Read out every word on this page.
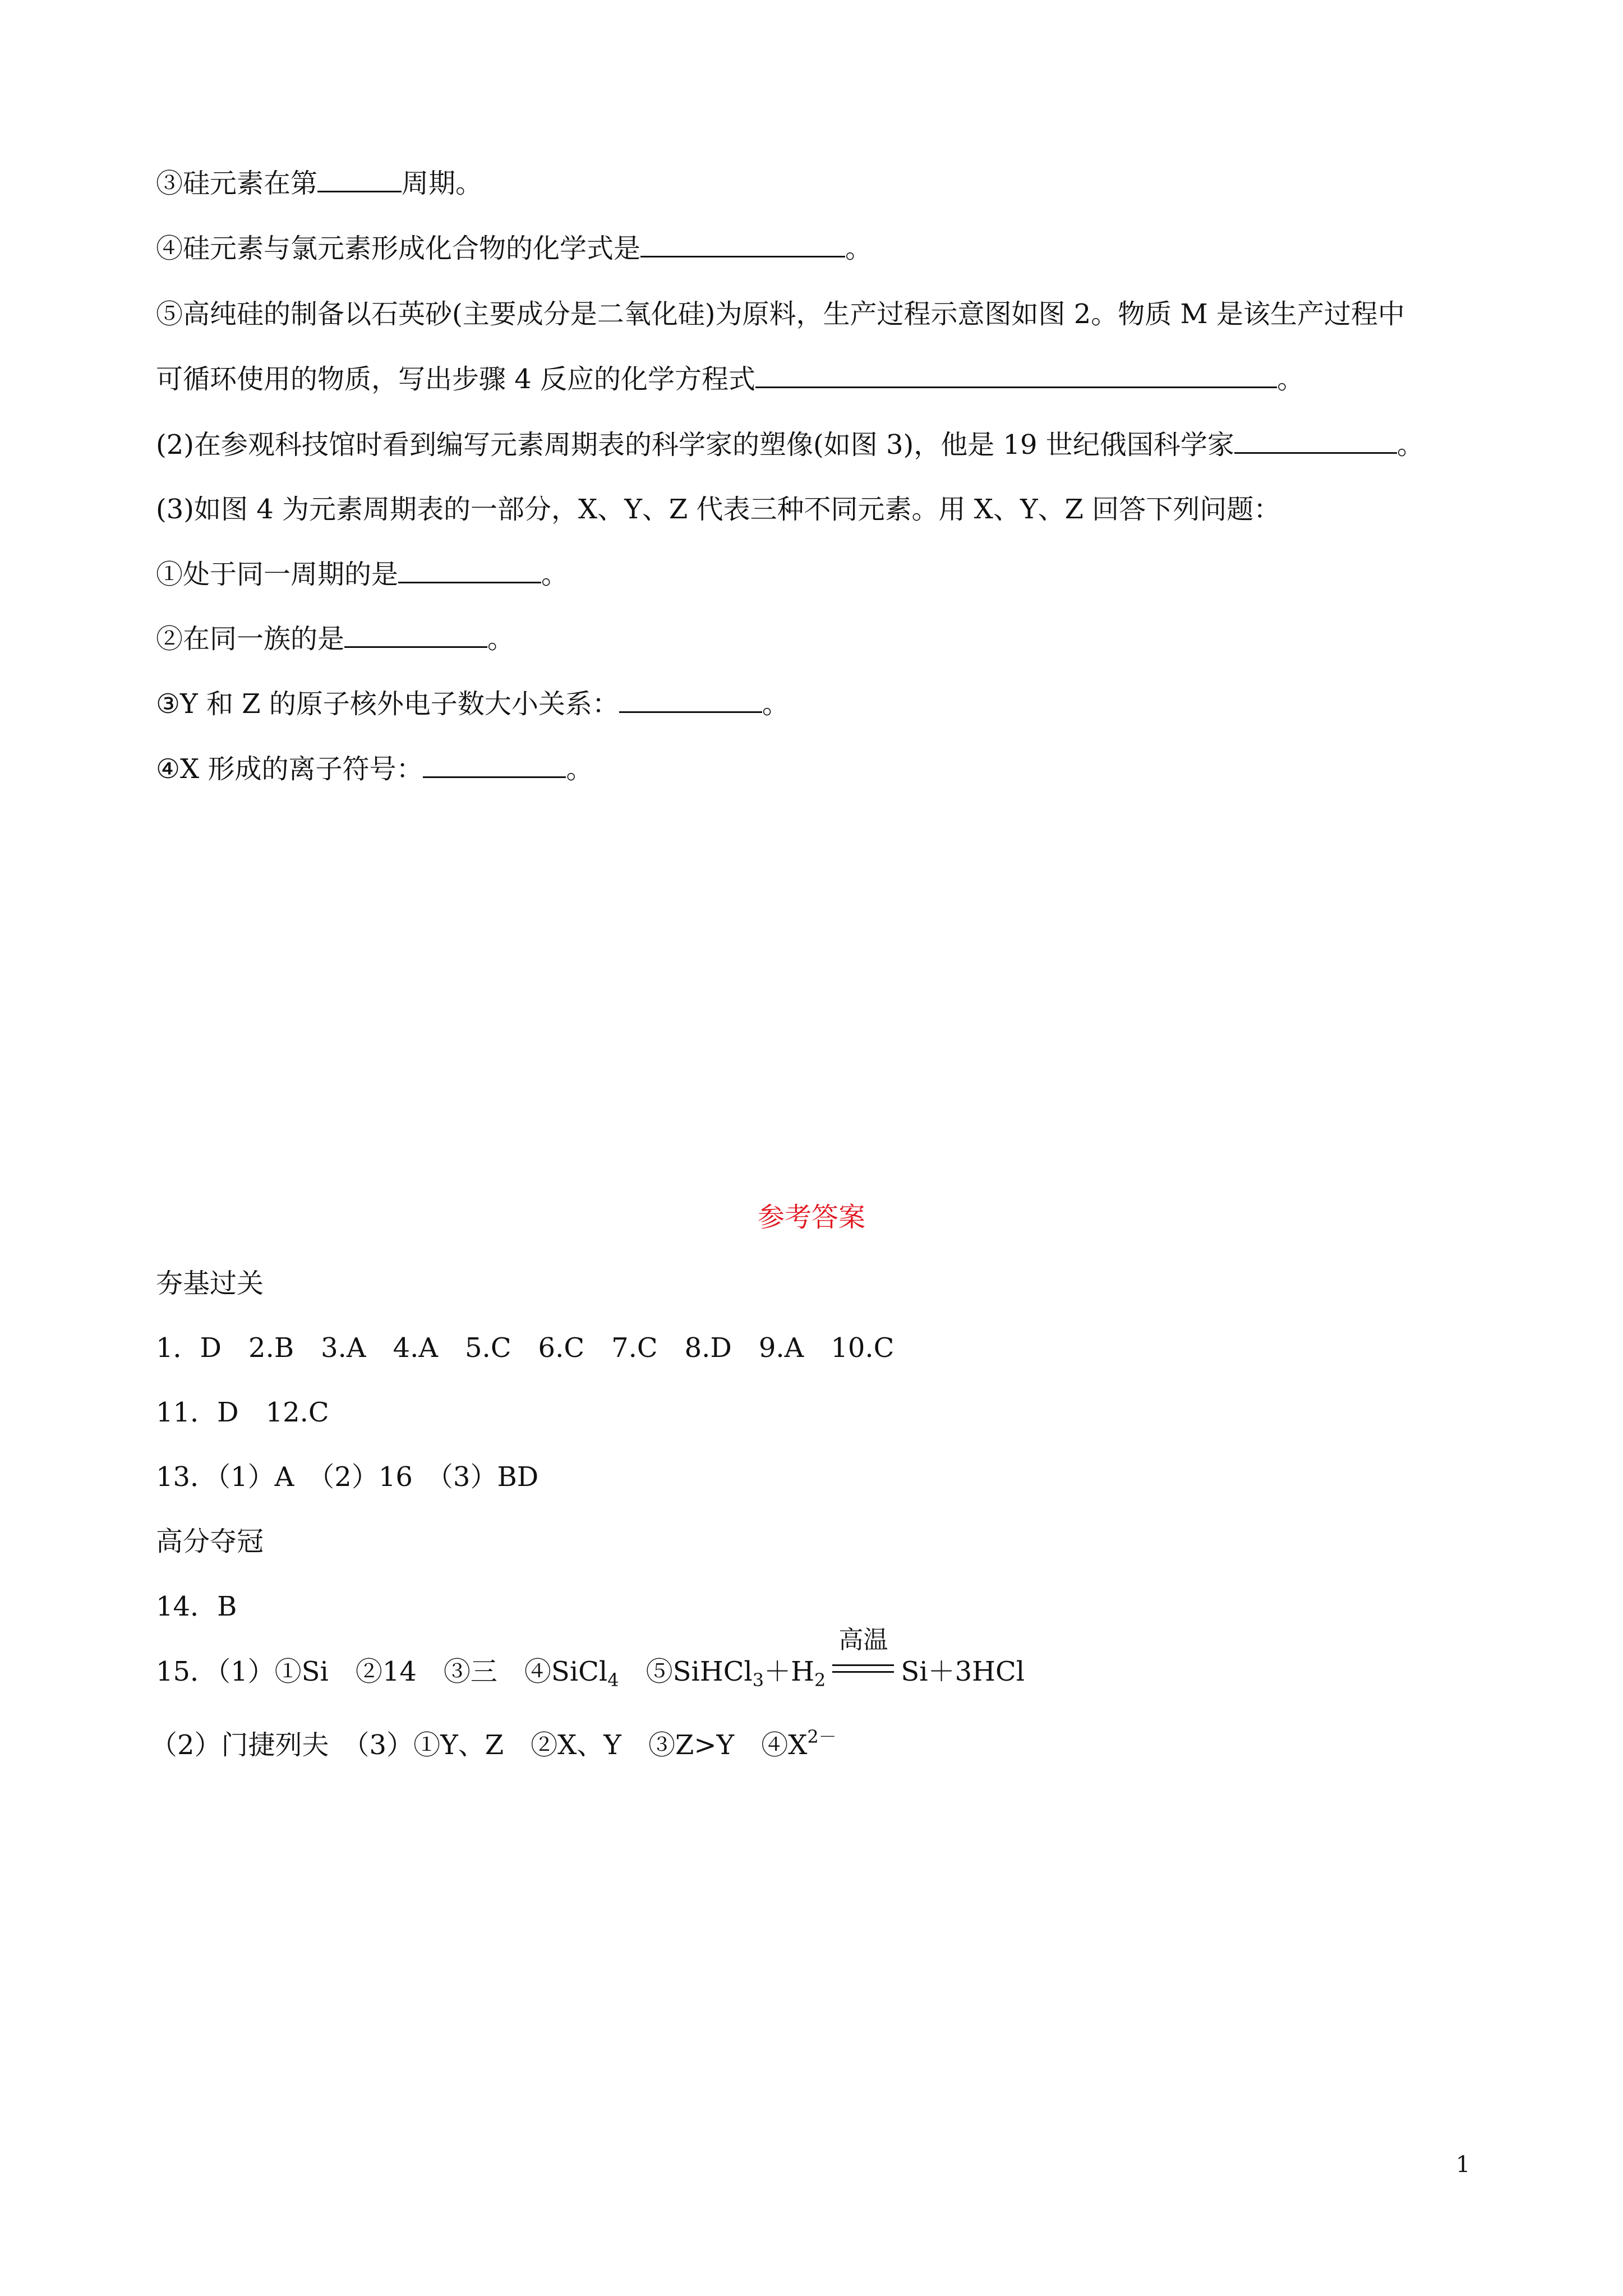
③硅元素在第	周期。
④硅元素与氯元素形成化合物的化学式是	。
⑤高纯硅的制备以石英砂(主要成分是二氧化硅)为原料，生产过程示意图如图 2。物质 M 是该生产过程中
可循环使用的物质，写出步骤 4 反应的化学方程式	。
(2)在参观科技馆时看到编写元素周期表的科学家的塑像(如图 3)，他是 19 世纪俄国科学家	。
(3)如图 4 为元素周期表的一部分，X、Y、Z 代表三种不同元素。用 X、Y、Z 回答下列问题：
①处于同一周期的是	。
②在同一族的是	。
③Y 和 Z 的原子核外电子数大小关系：	。
④X 形成的离子符号：	。
参考答案
夯基过关
1．D　2.B　3.A　4.A　5.C　6.C　7.C　8.D　9.A　10.C
11．D　12.C
13．（1）A　（2）16　（3）BD
高分夺冠
14．B
15．（1）①Si　②14　③三　④SiCl$_4$　$⑤SiHCl_3+H_2$
高温
Si＋3HCl
（2）门捷列夫　（3）①Y、Z　②X、Y　③Z>Y　$④X^{2-}$
1
